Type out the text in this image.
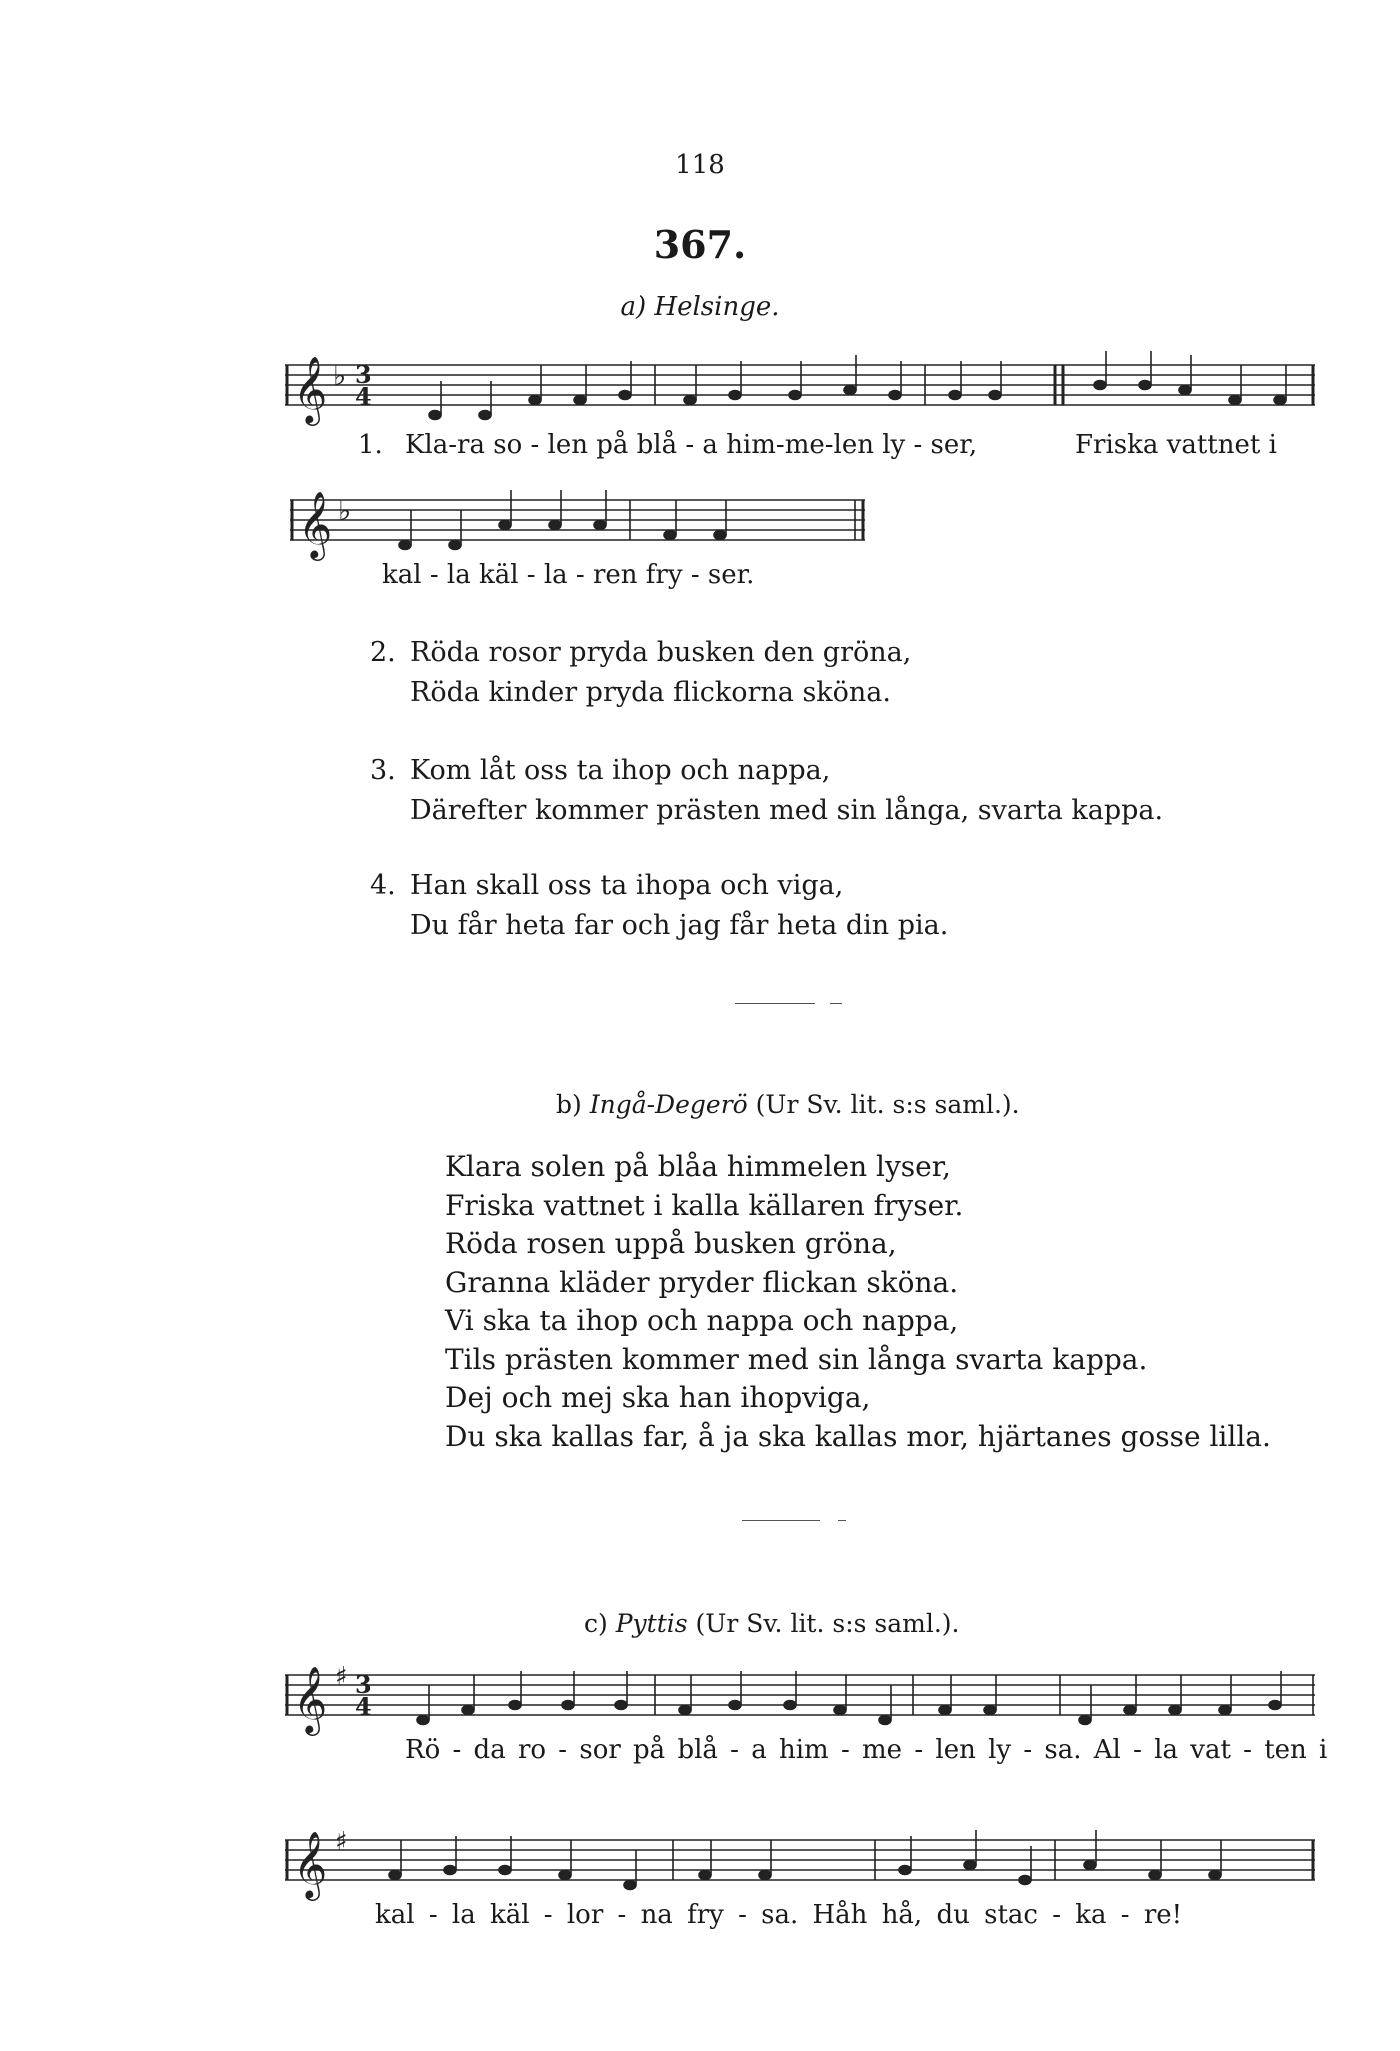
118
367.
a) Helsinge.
𝄞 ♭ 3
4
1. Kla-ra so - len på blå - a him-me-len ly - ser,	Friska vattnet i
𝄞 ♭
kal - la käl - la - ren fry - ser.
2. Röda rosor pryda busken den gröna,
Röda kinder pryda flickorna sköna.
3. Kom låt oss ta ihop och nappa,
Därefter kommer prästen med sin långa, svarta kappa.
4. Han skall oss ta ihopa och viga,
Du får heta far och jag får heta din pia.
b) Ingå-Degerö (Ur Sv. lit. s:s saml.).
Klara solen på blåa himmelen lyser,
Friska vattnet i kalla källaren fryser.
Röda rosen uppå busken gröna,
Granna kläder pryder flickan sköna.
Vi ska ta ihop och nappa och nappa,
Tils prästen kommer med sin långa svarta kappa.
Dej och mej ska han ihopviga,
Du ska kallas far, å ja ska kallas mor, hjärtanes gosse lilla.
c) Pyttis (Ur Sv. lit. s:s saml.).
𝄞 ♯ 3
4
Rö - da ro - sor på blå - a him - me - len ly - sa. Al - la vat - ten i
𝄞 ♯
kal - la käl - lor - na fry - sa. Håh hå, du stac - ka - re!
